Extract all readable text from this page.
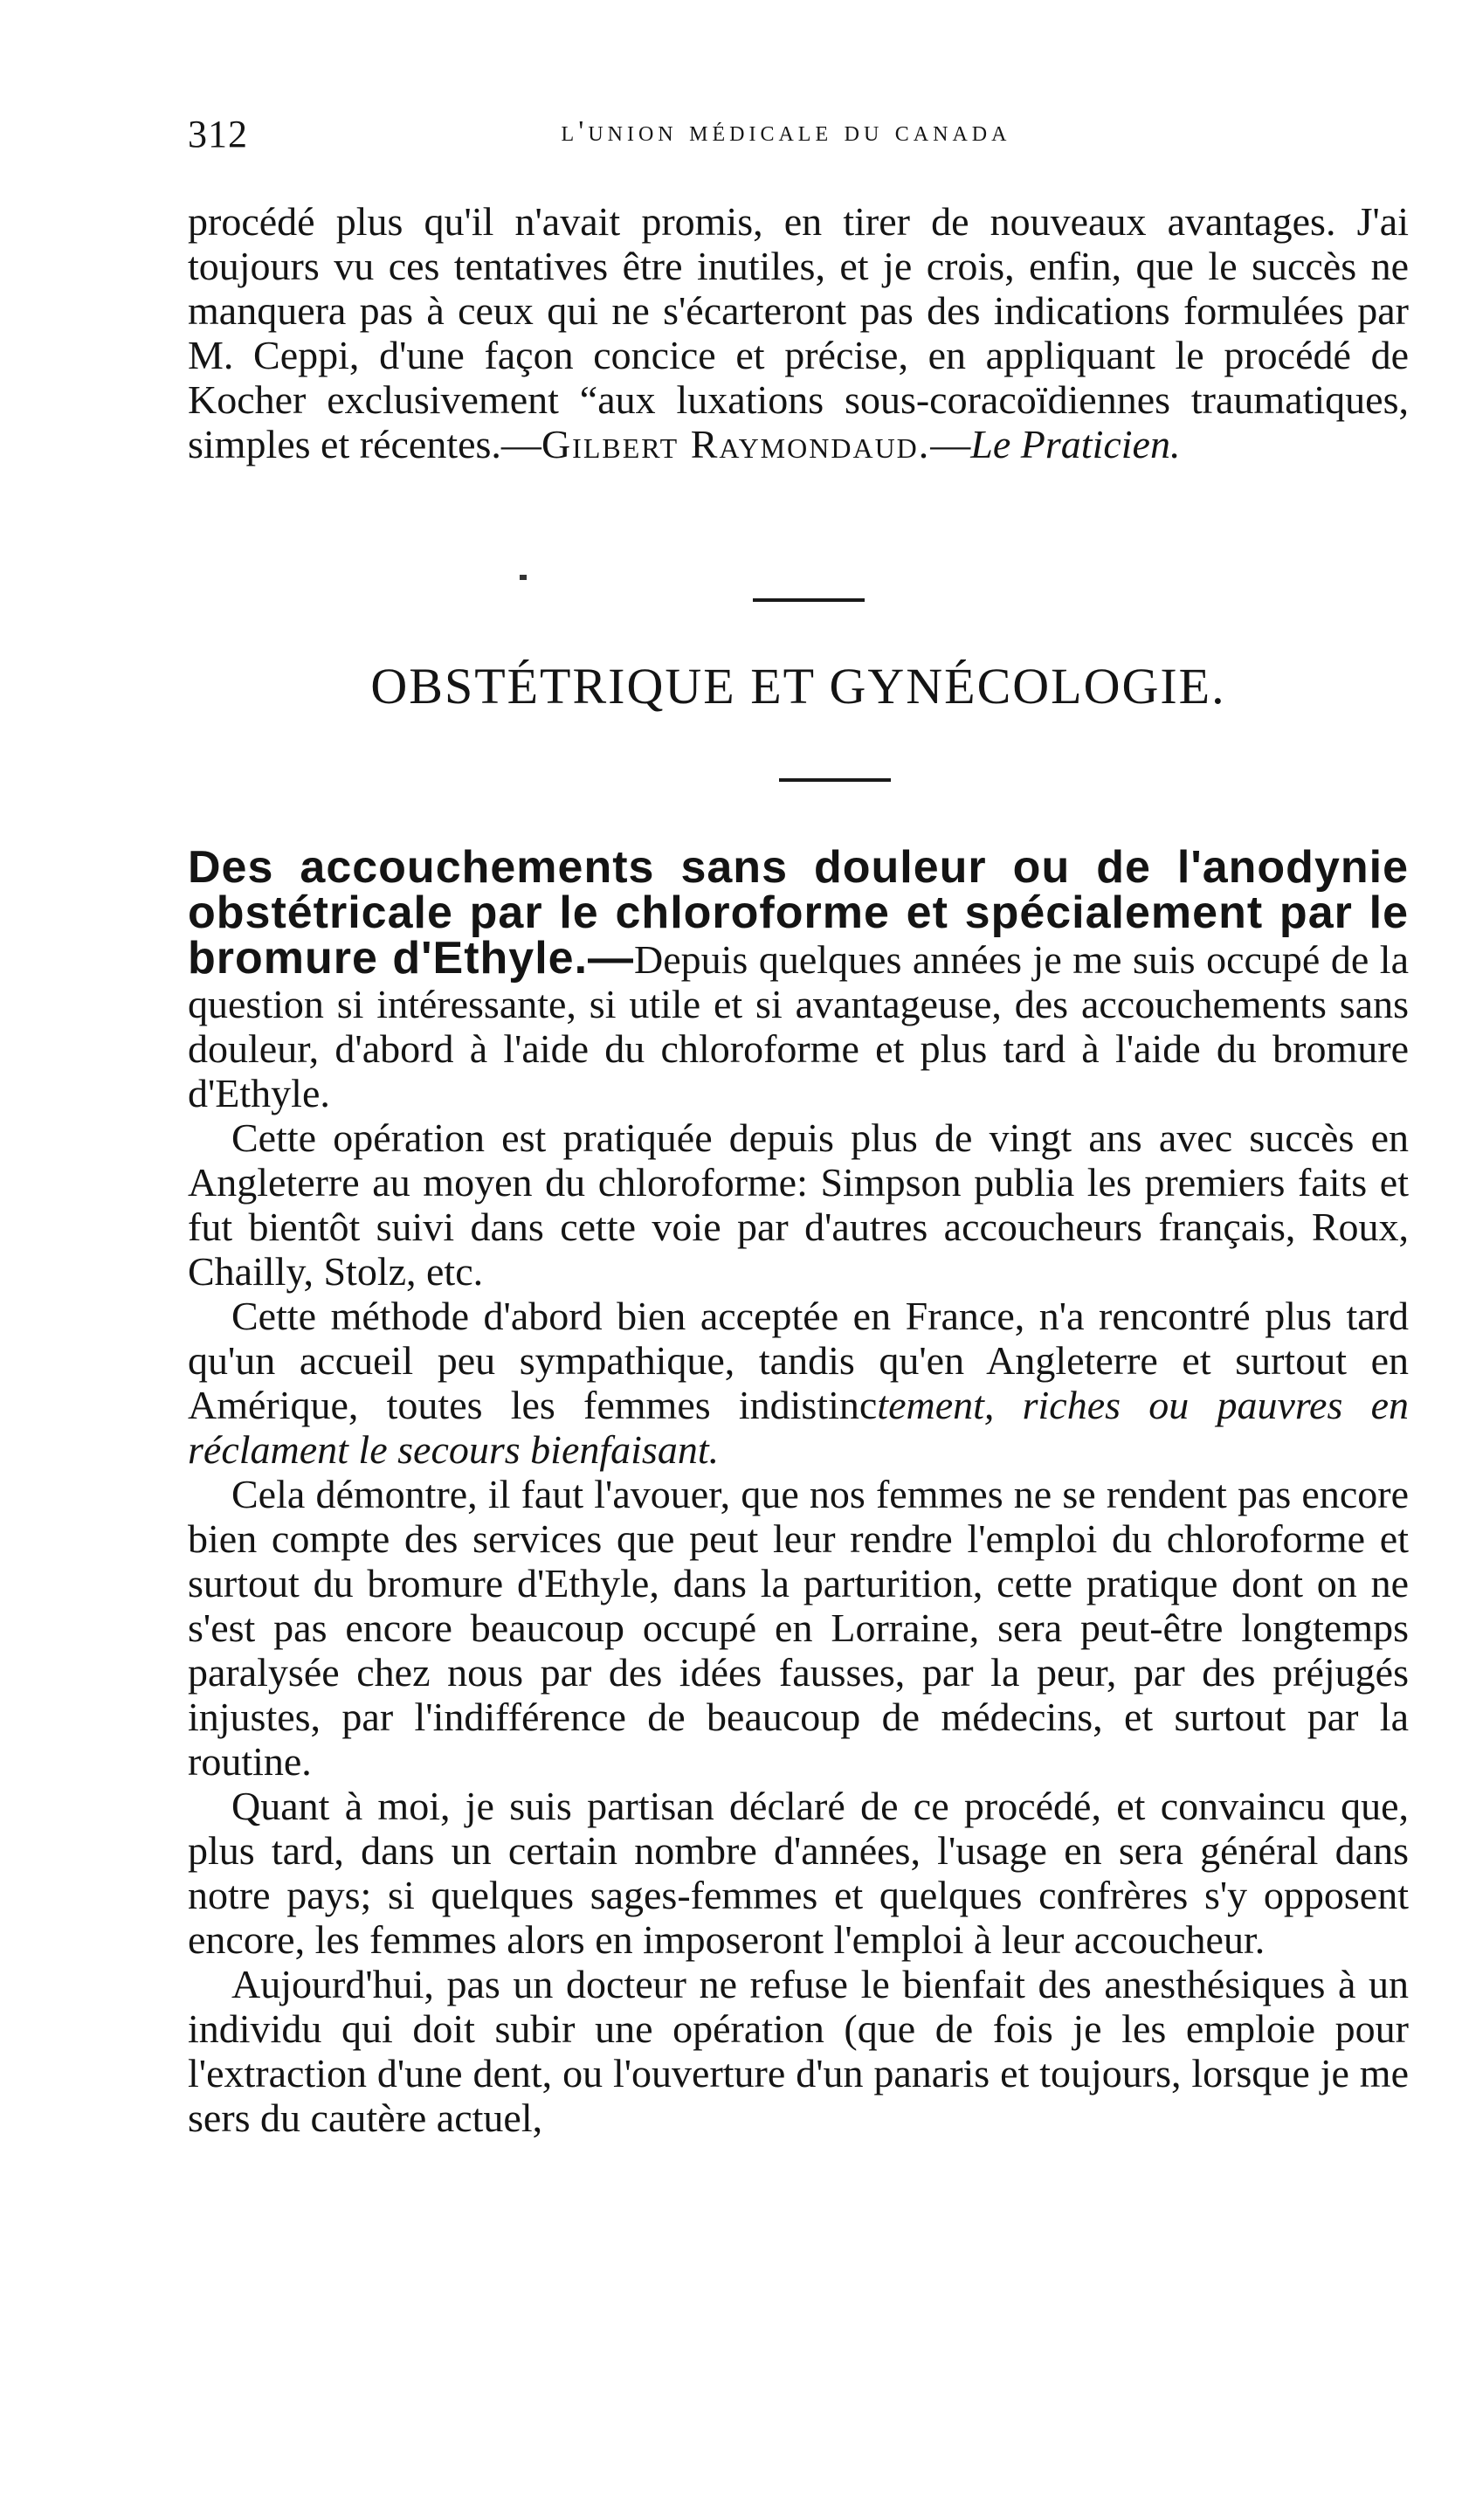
312	l'union médicale du canada

procédé plus qu'il n'avait promis, en tirer de nouveaux avantages. J'ai toujours vu ces tentatives être inutiles, et je crois, enfin, que le succès ne manquera pas à ceux qui ne s'écarteront pas des indications formulées par M. Ceppi, d'une façon concice et précise, en appliquant le procédé de Kocher exclusivement “aux luxations sous-coracoïdiennes traumatiques, simples et récentes.—Gilbert Raymondaud.—Le Praticien.

OBSTÉTRIQUE ET GYNÉCOLOGIE.

Des accouchements sans douleur ou de l'anodynie obstétricale par le chloroforme et spécialement par le bromure d'Ethyle.—Depuis quelques années je me suis occupé de la question si intéressante, si utile et si avantageuse, des accouchements sans douleur, d'abord à l'aide du chloroforme et plus tard à l'aide du bromure d'Ethyle.

Cette opération est pratiquée depuis plus de vingt ans avec succès en Angleterre au moyen du chloroforme: Simpson publia les premiers faits et fut bientôt suivi dans cette voie par d'autres accoucheurs français, Roux, Chailly, Stolz, etc.

Cette méthode d'abord bien acceptée en France, n'a rencontré plus tard qu'un accueil peu sympathique, tandis qu'en Angleterre et surtout en Amérique, toutes les femmes indistinctement, riches ou pauvres en réclament le secours bienfaisant.

Cela démontre, il faut l'avouer, que nos femmes ne se rendent pas encore bien compte des services que peut leur rendre l'emploi du chloroforme et surtout du bromure d'Ethyle, dans la parturition, cette pratique dont on ne s'est pas encore beaucoup occupé en Lorraine, sera peut-être longtemps paralysée chez nous par des idées fausses, par la peur, par des préjugés injustes, par l'indifférence de beaucoup de médecins, et surtout par la routine.

Quant à moi, je suis partisan déclaré de ce procédé, et convaincu que, plus tard, dans un certain nombre d'années, l'usage en sera général dans notre pays; si quelques sages-femmes et quelques confrères s'y opposent encore, les femmes alors en imposeront l'emploi à leur accoucheur.

Aujourd'hui, pas un docteur ne refuse le bienfait des anesthésiques à un individu qui doit subir une opération (que de fois je les emploie pour l'extraction d'une dent, ou l'ouverture d'un panaris et toujours, lorsque je me sers du cautère actuel,
